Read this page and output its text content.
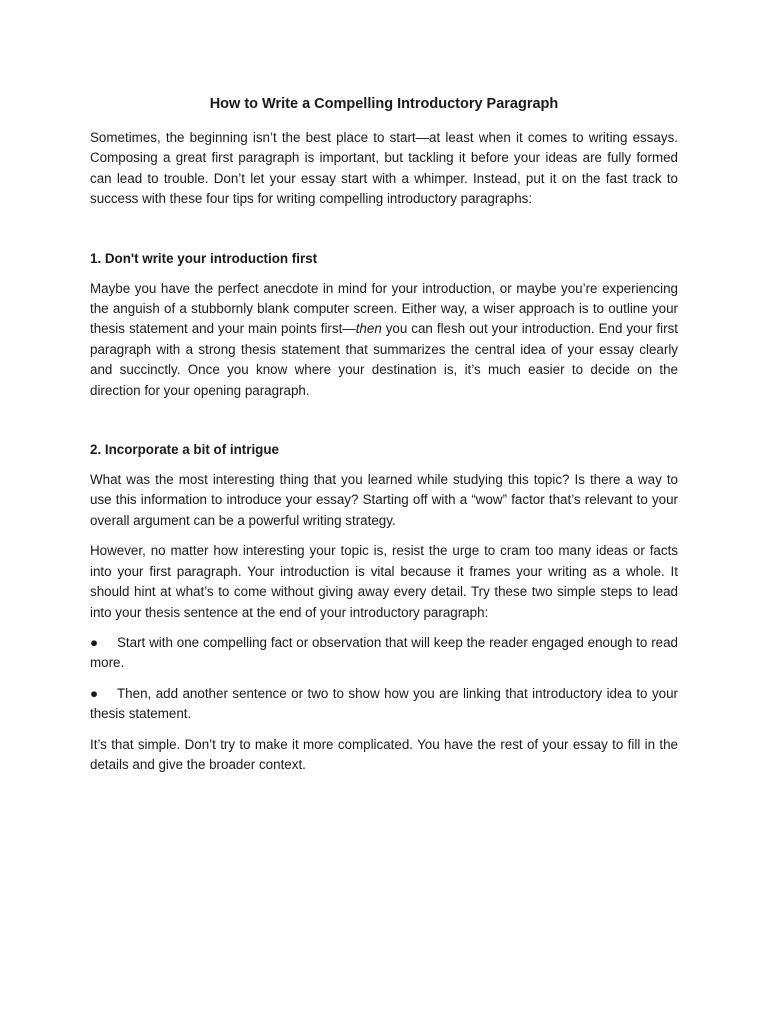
How to Write a Compelling Introductory Paragraph

Sometimes, the beginning isn’t the best place to start—at least when it comes to writing essays. Composing a great first paragraph is important, but tackling it before your ideas are fully formed can lead to trouble. Don’t let your essay start with a whimper. Instead, put it on the fast track to success with these four tips for writing compelling introductory paragraphs:

1. Don't write your introduction first

Maybe you have the perfect anecdote in mind for your introduction, or maybe you’re experiencing the anguish of a stubbornly blank computer screen. Either way, a wiser approach is to outline your thesis statement and your main points first—then you can flesh out your introduction. End your first paragraph with a strong thesis statement that summarizes the central idea of your essay clearly and succinctly. Once you know where your destination is, it’s much easier to decide on the direction for your opening paragraph.

2. Incorporate a bit of intrigue

What was the most interesting thing that you learned while studying this topic? Is there a way to use this information to introduce your essay? Starting off with a “wow” factor that’s relevant to your overall argument can be a powerful writing strategy.

However, no matter how interesting your topic is, resist the urge to cram too many ideas or facts into your first paragraph. Your introduction is vital because it frames your writing as a whole. It should hint at what’s to come without giving away every detail. Try these two simple steps to lead into your thesis sentence at the end of your introductory paragraph:

● Start with one compelling fact or observation that will keep the reader engaged enough to read more.

● Then, add another sentence or two to show how you are linking that introductory idea to your thesis statement.

It’s that simple. Don’t try to make it more complicated. You have the rest of your essay to fill in the details and give the broader context.
